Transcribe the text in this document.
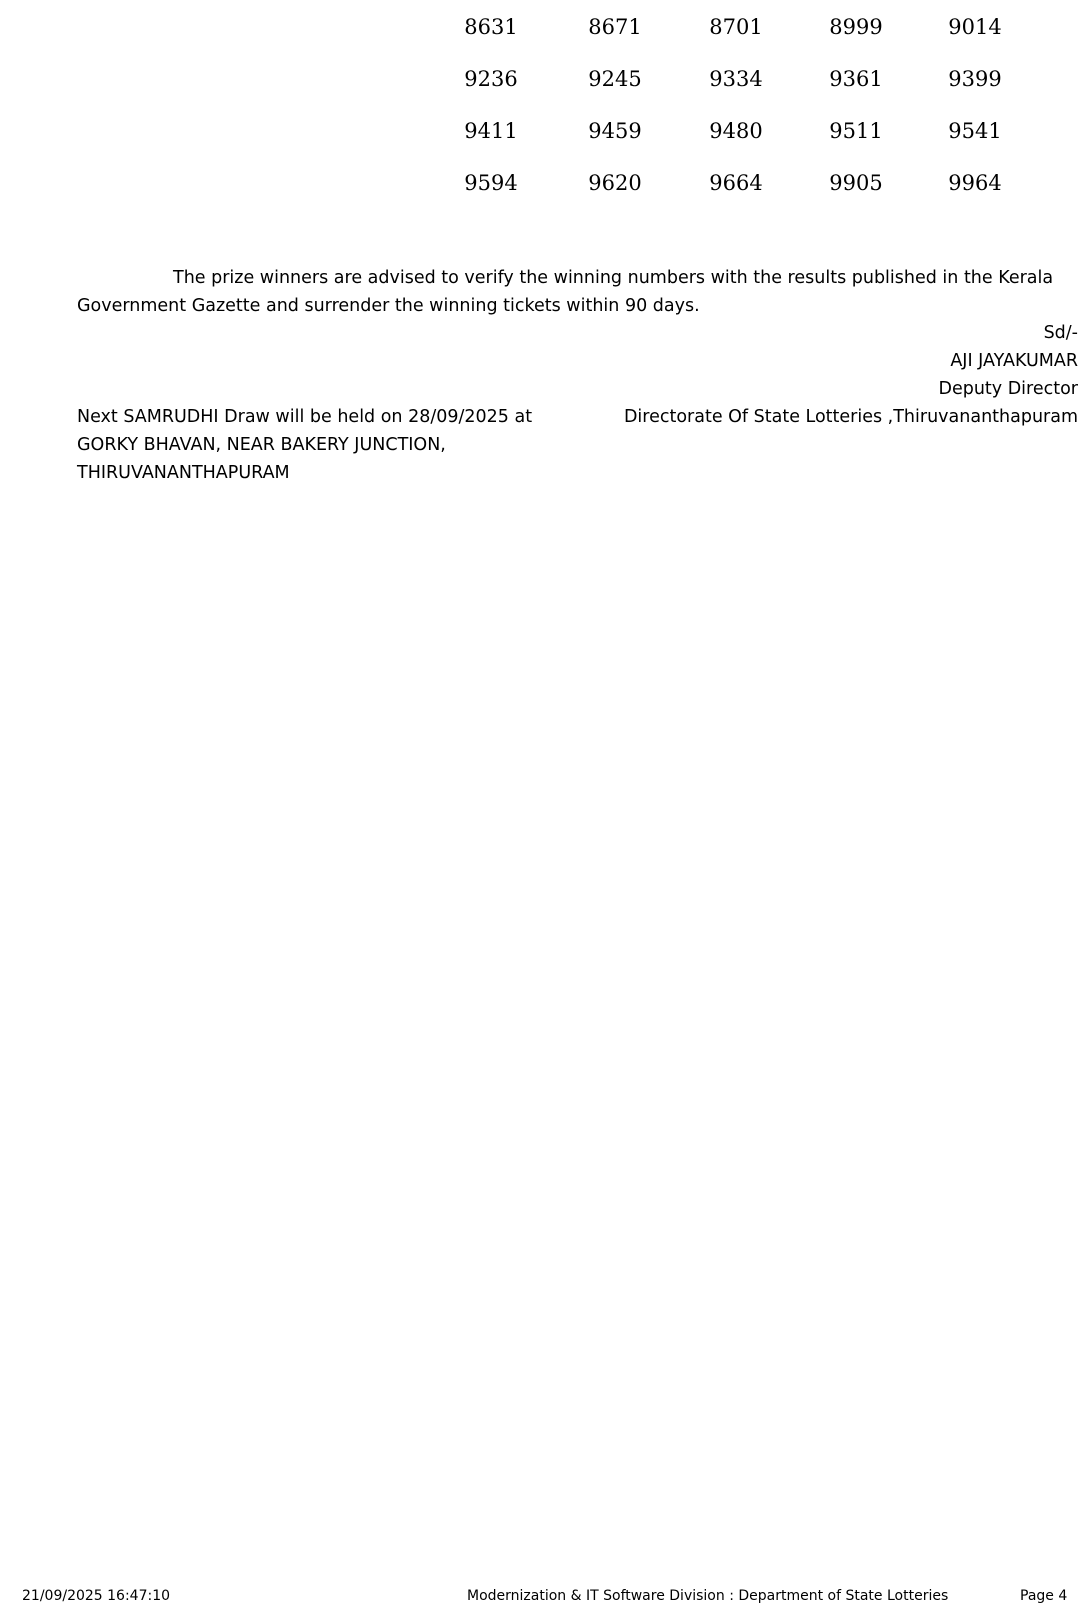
8631	8671	8701	8999	9014
9236	9245	9334	9361	9399
9411	9459	9480	9511	9541
9594	9620	9664	9905	9964

The prize winners are advised to verify the winning numbers with the results published in the Kerala Government Gazette and surrender the winning tickets within 90 days.

Sd/-
AJI JAYAKUMAR
Deputy Director
Directorate Of State Lotteries ,Thiruvananthapuram
Next SAMRUDHI Draw will be held on 28/09/2025 at
GORKY BHAVAN, NEAR BAKERY JUNCTION,
THIRUVANANTHAPURAM
21/09/2025 16:47:10	Modernization & IT Software Division : Department of State Lotteries	Page 4
